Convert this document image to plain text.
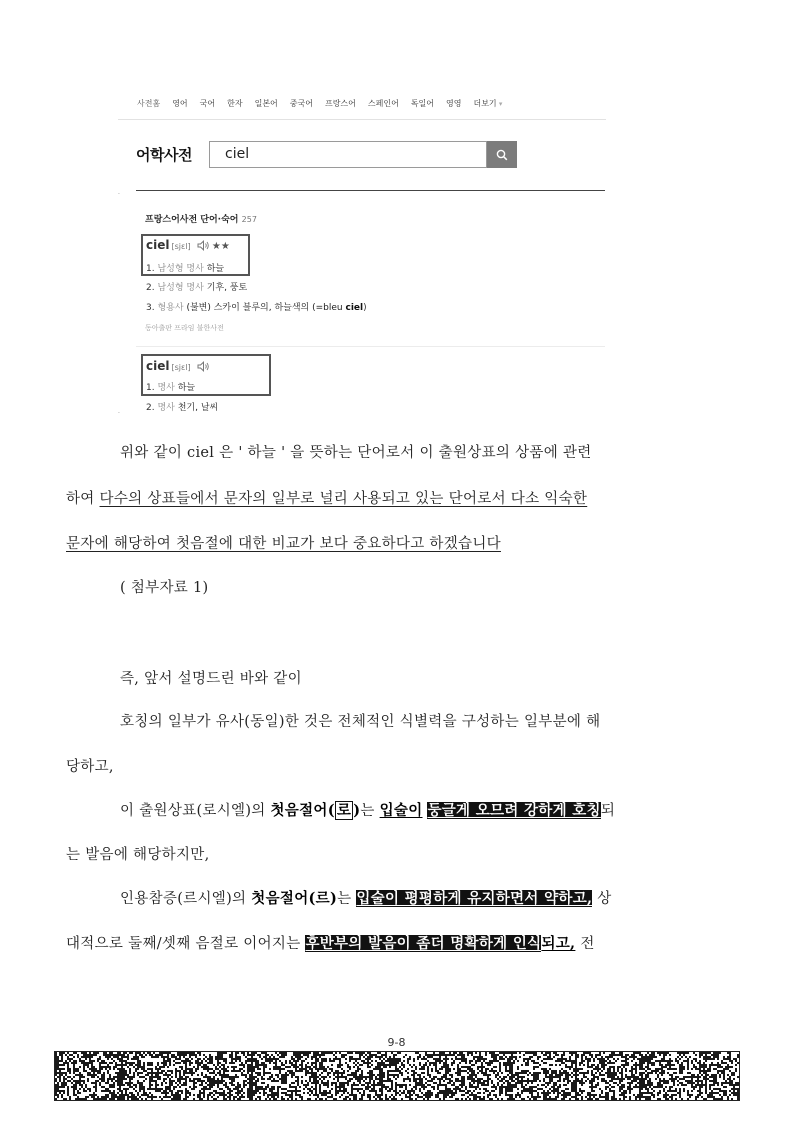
사전홈 영어 국어 한자 일본어 중국어 프랑스어 스페인어 독일어 영영 더보기 ▾
어학사전	ciel
.
프랑스어사전 단어·숙어 257
ciel [sjɛl] ★★
1. 남성형 명사 하늘
2. 남성형 명사 기후, 풍토
3. 형용사 (불변) 스카이 블루의, 하늘색의 (=bleu ciel)
동아출판 프라임 불한사전
ciel [sjɛl]
1. 명사 하늘
2. 명사 천기, 날씨
.
위와 같이 ciel 은 ' 하늘 ' 을 뜻하는 단어로서 이 출원상표의 상품에 관련
하여 다수의 상표들에서 문자의 일부로 널리 사용되고 있는 단어로서 다소 익숙한
문자에 해당하여 첫음절에 대한 비교가 보다 중요하다고 하겠습니다
( 첨부자료 1)
즉, 앞서 설명드린 바와 같이
호칭의 일부가 유사(동일)한 것은 전체적인 식별력을 구성하는 일부분에 해
당하고,
이 출원상표(로시엘)의 첫음절어( 로 )는 입술이 둥글게 오므려 강하게 호칭되
는 발음에 해당하지만,
인용참증(르시엘)의 첫음절어(르)는 입술이 평평하게 유지하면서 약하고, 상
대적으로 둘째/셋째 음절로 이어지는 후반부의 발음이 좀더 명확하게 인식되고, 전
9-8
